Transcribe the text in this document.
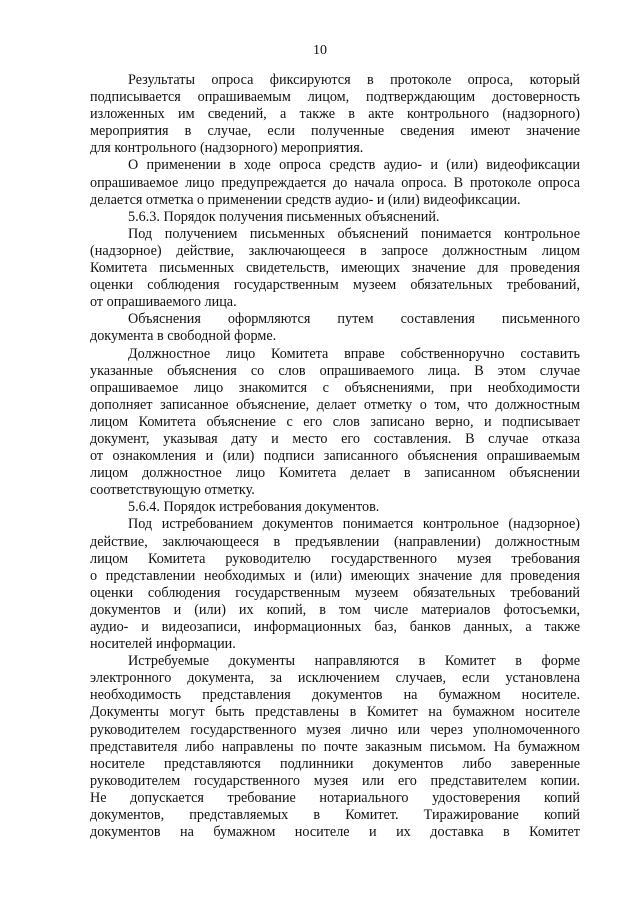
10
Результаты опроса фиксируются в протоколе опроса, который
подписывается опрашиваемым лицом, подтверждающим достоверность
изложенных им сведений, а также в акте контрольного (надзорного)
мероприятия в случае, если полученные сведения имеют значение
для контрольного (надзорного) мероприятия.
О применении в ходе опроса средств аудио- и (или) видеофиксации
опрашиваемое лицо предупреждается до начала опроса. В протоколе опроса
делается отметка о применении средств аудио- и (или) видеофиксации.
5.6.3. Порядок получения письменных объяснений.
Под получением письменных объяснений понимается контрольное
(надзорное) действие, заключающееся в запросе должностным лицом
Комитета письменных свидетельств, имеющих значение для проведения
оценки соблюдения государственным музеем обязательных требований,
от опрашиваемого лица.
Объяснения оформляются путем составления письменного
документа в свободной форме.
Должностное лицо Комитета вправе собственноручно составить
указанные объяснения со слов опрашиваемого лица. В этом случае
опрашиваемое лицо знакомится с объяснениями, при необходимости
дополняет записанное объяснение, делает отметку о том, что должностным
лицом Комитета объяснение с его слов записано верно, и подписывает
документ, указывая дату и место его составления. В случае отказа
от ознакомления и (или) подписи записанного объяснения опрашиваемым
лицом должностное лицо Комитета делает в записанном объяснении
соответствующую отметку.
5.6.4. Порядок истребования документов.
Под истребованием документов понимается контрольное (надзорное)
действие, заключающееся в предъявлении (направлении) должностным
лицом Комитета руководителю государственного музея требования
о представлении необходимых и (или) имеющих значение для проведения
оценки соблюдения государственным музеем обязательных требований
документов и (или) их копий, в том числе материалов фотосъемки,
аудио- и видеозаписи, информационных баз, банков данных, а также
носителей информации.
Истребуемые документы направляются в Комитет в форме
электронного документа, за исключением случаев, если установлена
необходимость представления документов на бумажном носителе.
Документы могут быть представлены в Комитет на бумажном носителе
руководителем государственного музея лично или через уполномоченного
представителя либо направлены по почте заказным письмом. На бумажном
носителе представляются подлинники документов либо заверенные
руководителем государственного музея или его представителем копии.
Не допускается требование нотариального удостоверения копий
документов, представляемых в Комитет. Тиражирование копий
документов на бумажном носителе и их доставка в Комитет
